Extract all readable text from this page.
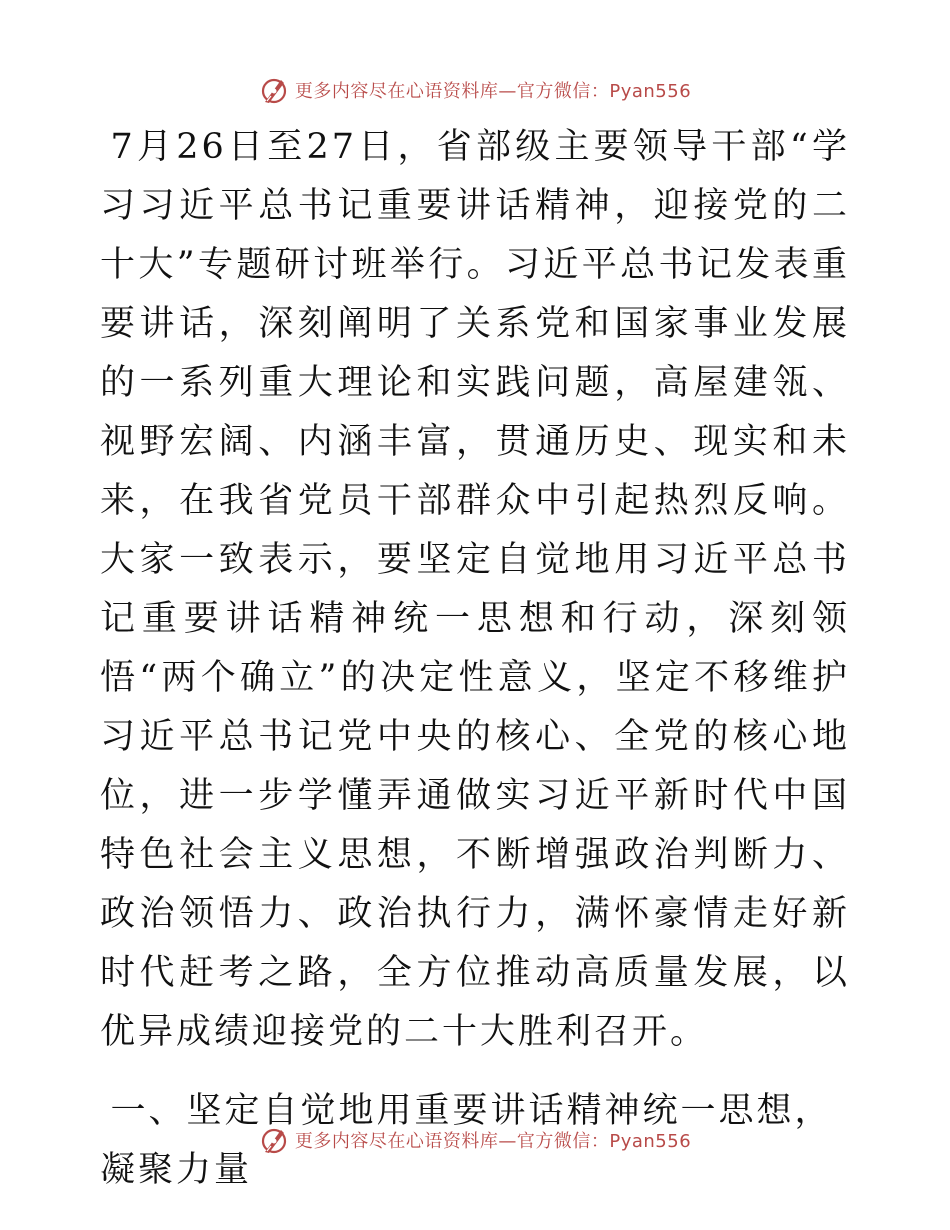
更多内容尽在心语资料库—官方微信：Pyan556

7月26日至27日，省部级主要领导干部“学习习近平总书记重要讲话精神，迎接党的二十大”专题研讨班举行。习近平总书记发表重要讲话，深刻阐明了关系党和国家事业发展的一系列重大理论和实践问题，高屋建瓴、视野宏阔、内涵丰富，贯通历史、现实和未来，在我省党员干部群众中引起热烈反响。大家一致表示，要坚定自觉地用习近平总书记重要讲话精神统一思想和行动，深刻领悟“两个确立”的决定性意义，坚定不移维护习近平总书记党中央的核心、全党的核心地位，进一步学懂弄通做实习近平新时代中国特色社会主义思想，不断增强政治判断力、政治领悟力、政治执行力，满怀豪情走好新时代赶考之路，全方位推动高质量发展，以优异成绩迎接党的二十大胜利召开。

一、坚定自觉地用重要讲话精神统一思想，凝聚力量

更多内容尽在心语资料库—官方微信：Pyan556
